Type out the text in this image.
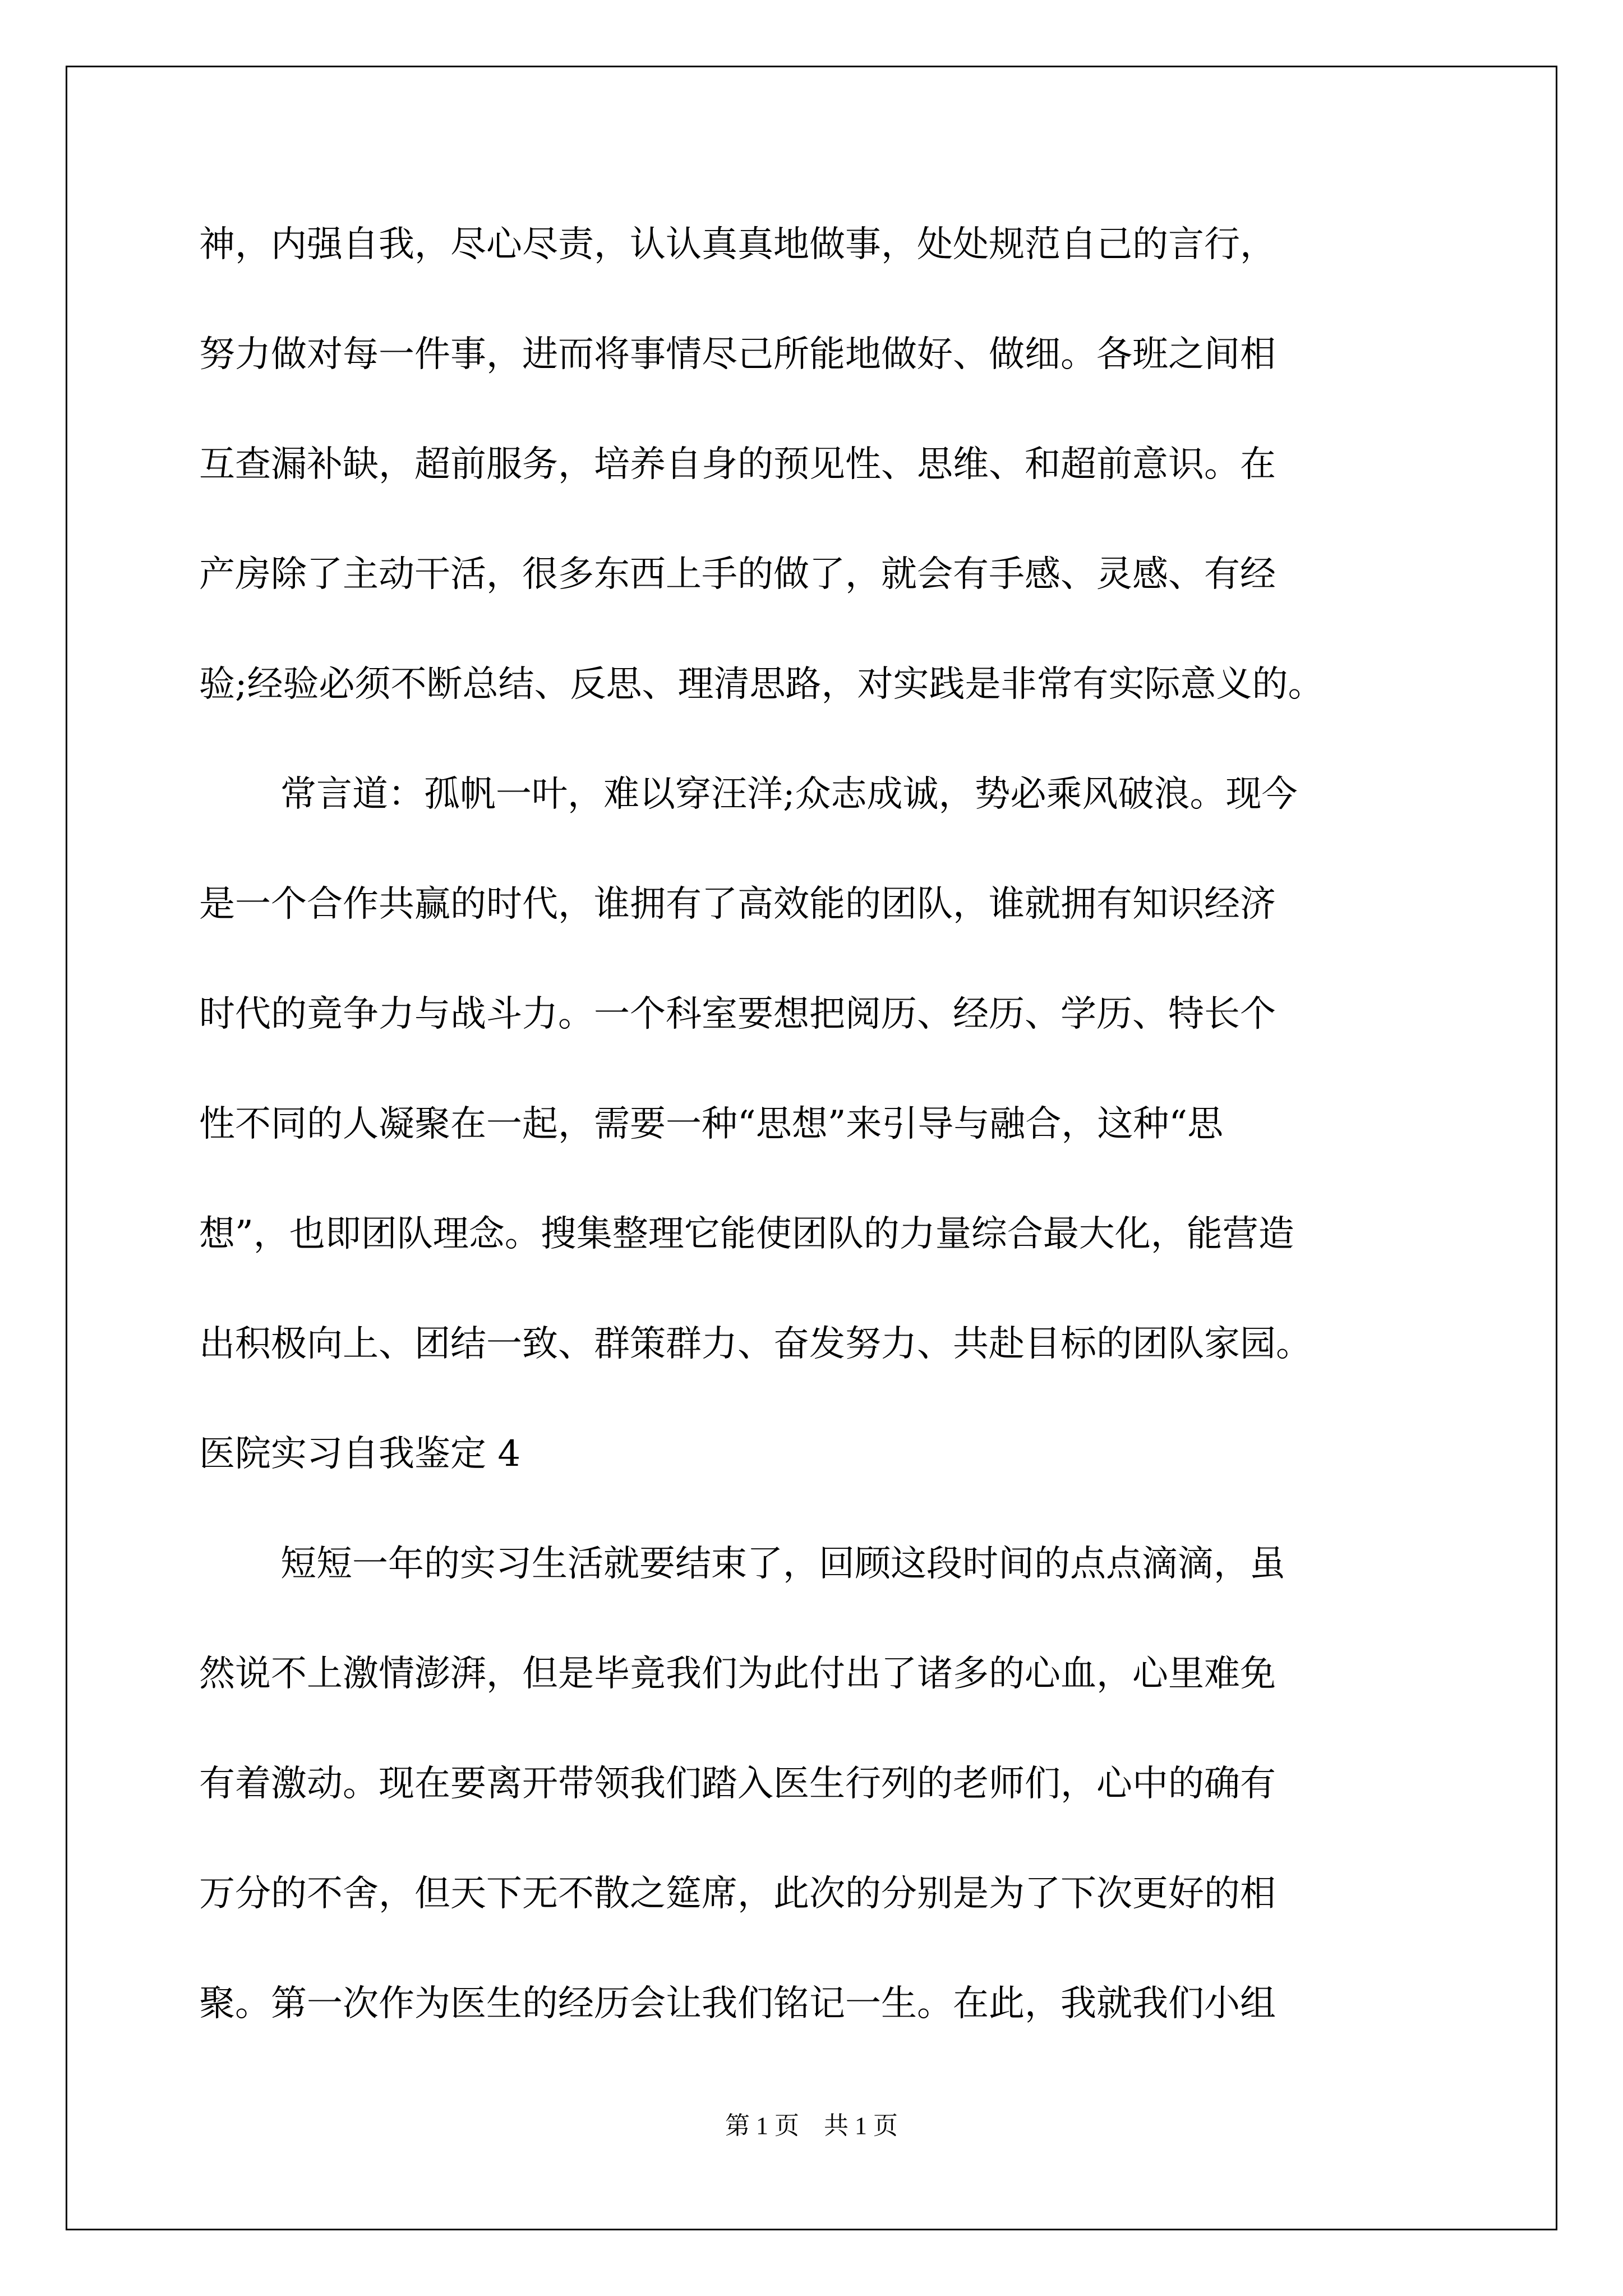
神，内强自我，尽心尽责，认认真真地做事，处处规范自己的言行，
努力做对每一件事，进而将事情尽己所能地做好、做细。各班之间相
互查漏补缺，超前服务，培养自身的预见性、思维、和超前意识。在
产房除了主动干活，很多东西上手的做了，就会有手感、灵感、有经
验;经验必须不断总结、反思、理清思路，对实践是非常有实际意义的。
常言道：孤帆一叶，难以穿汪洋;众志成诚，势必乘风破浪。现今
是一个合作共赢的时代，谁拥有了高效能的团队，谁就拥有知识经济
时代的竟争力与战斗力。一个科室要想把阅历、经历、学历、特长个
性不同的人凝聚在一起，需要一种“思想”来引导与融合，这种“思
想”，也即团队理念。搜集整理它能使团队的力量综合最大化，能营造
出积极向上、团结一致、群策群力、奋发努力、共赴目标的团队家园。
医院实习自我鉴定 4
短短一年的实习生活就要结束了，回顾这段时间的点点滴滴，虽
然说不上激情澎湃，但是毕竟我们为此付出了诸多的心血，心里难免
有着激动。现在要离开带领我们踏入医生行列的老师们，心中的确有
万分的不舍，但天下无不散之筵席，此次的分别是为了下次更好的相
聚。第一次作为医生的经历会让我们铭记一生。在此，我就我们小组
第 1 页　共 1 页
